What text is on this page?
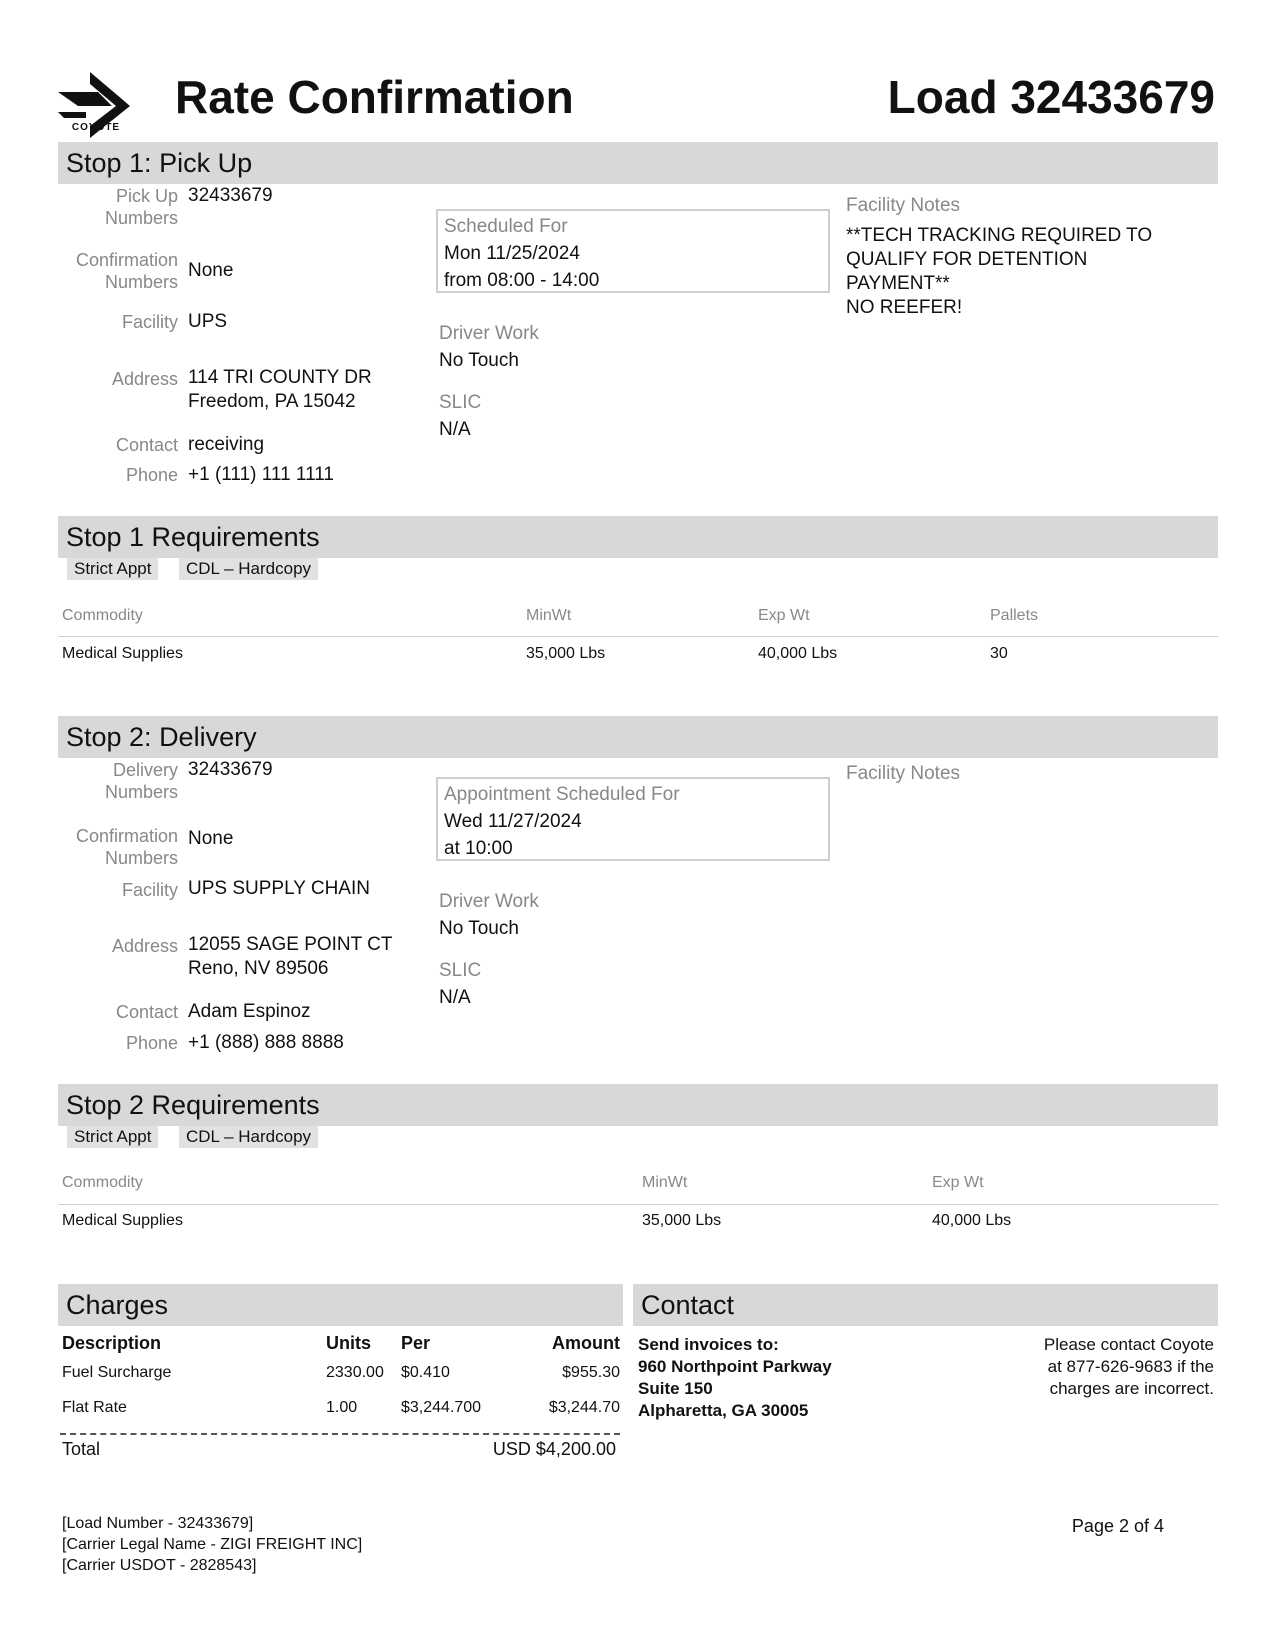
COYOTE
Rate Confirmation	Load 32433679
Stop 1: Pick Up
Pick Up
Numbers
32433679
Confirmation
Numbers
None
Facility UPS
Address 114 TRI COUNTY DR
Freedom, PA 15042
Contact receiving
Phone +1 (111) 111 1111
Scheduled For
Mon 11/25/2024
from 08:00 - 14:00
Driver Work
No Touch
SLIC
N/A
Facility Notes
**TECH TRACKING REQUIRED TO
QUALIFY FOR DETENTION
PAYMENT**
NO REEFER!
Stop 1 Requirements
Strict Appt	CDL – Hardcopy
Commodity	MinWt	Exp Wt	Pallets
Medical Supplies	35,000 Lbs	40,000 Lbs	30
Stop 2: Delivery
Delivery
Numbers
32433679
Confirmation
Numbers
None
Facility UPS SUPPLY CHAIN
Address 12055 SAGE POINT CT
Reno, NV 89506
Contact Adam Espinoz
Phone +1 (888) 888 8888
Appointment Scheduled For
Wed 11/27/2024
at 10:00
Driver Work
No Touch
SLIC
N/A
Facility Notes
Stop 2 Requirements
Strict Appt	CDL – Hardcopy
Commodity	MinWt	Exp Wt
Medical Supplies	35,000 Lbs	40,000 Lbs
Charges
Description	Units Per	Amount
Fuel Surcharge	2330.00 $0.410	$955.30
Flat Rate	1.00	$3,244.700	$3,244.70
Total	USD $4,200.00
Contact
Send invoices to:
960 Northpoint Parkway
Suite 150
Alpharetta, GA 30005
Please contact Coyote
at 877-626-9683 if the
charges are incorrect.
[Load Number - 32433679]
[Carrier Legal Name - ZIGI FREIGHT INC]
[Carrier USDOT - 2828543]
Page 2 of 4
